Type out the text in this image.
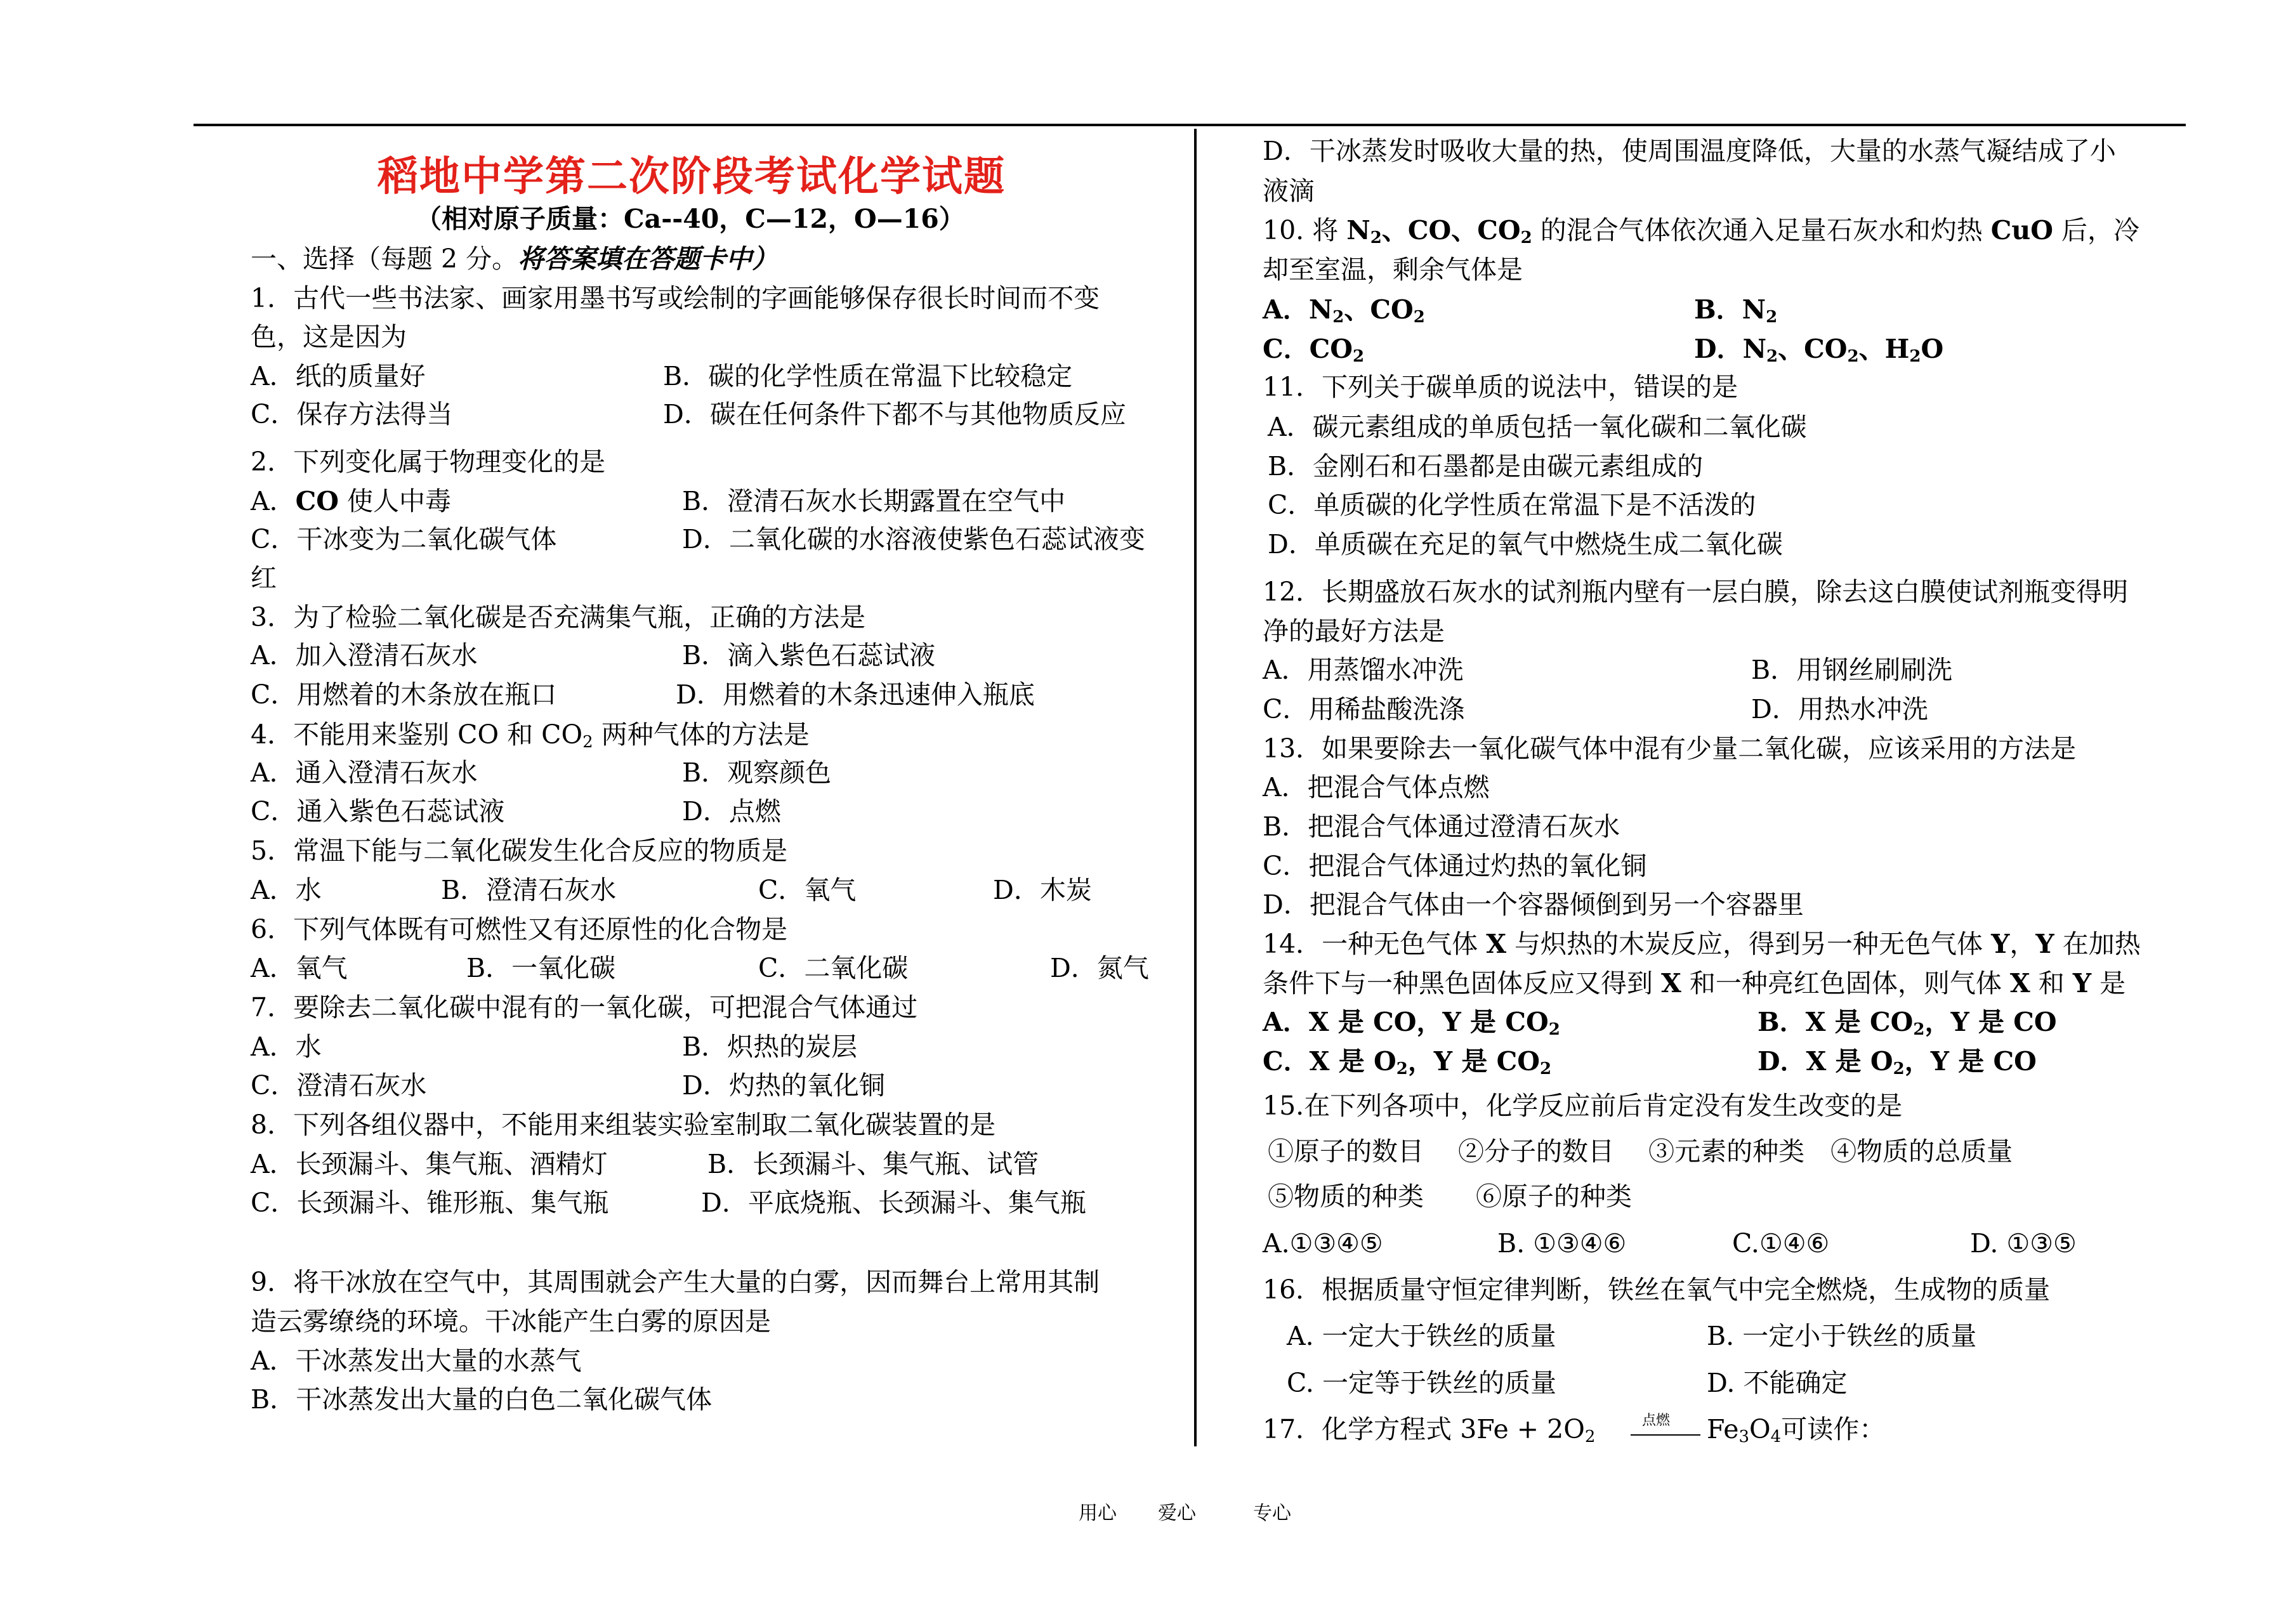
稻地中学第二次阶段考试化学试题
（相对原子质量：Ca--40，C—12，O—16）
一、选择（每题 2 分。将答案填在答题卡中）
1．古代一些书法家、画家用墨书写或绘制的字画能够保存很长时间而不变
色，这是因为
A．纸的质量好	B．碳的化学性质在常温下比较稳定
C．保存方法得当	D．碳在任何条件下都不与其他物质反应
2．下列变化属于物理变化的是
A．CO 使人中毒	B．澄清石灰水长期露置在空气中
C．干冰变为二氧化碳气体	D．二氧化碳的水溶液使紫色石蕊试液变
红
3．为了检验二氧化碳是否充满集气瓶，正确的方法是
A．加入澄清石灰水	B．滴入紫色石蕊试液
C．用燃着的木条放在瓶口	D．用燃着的木条迅速伸入瓶底
4．不能用来鉴别 CO 和 $CO_2$ 两种气体的方法是
A．通入澄清石灰水	B．观察颜色
C．通入紫色石蕊试液	D．点燃
5．常温下能与二氧化碳发生化合反应的物质是
A．水	B．澄清石灰水	C．氧气	D．木炭
6．下列气体既有可燃性又有还原性的化合物是
A．氧气	B．一氧化碳	C．二氧化碳	D．氮气
7．要除去二氧化碳中混有的一氧化碳，可把混合气体通过
A．水	B．炽热的炭层
C．澄清石灰水	D．灼热的氧化铜
8．下列各组仪器中，不能用来组装实验室制取二氧化碳装置的是
A．长颈漏斗、集气瓶、酒精灯	B．长颈漏斗、集气瓶、试管
C．长颈漏斗、锥形瓶、集气瓶	D．平底烧瓶、长颈漏斗、集气瓶
9．将干冰放在空气中，其周围就会产生大量的白雾，因而舞台上常用其制
造云雾缭绕的环境。干冰能产生白雾的原因是
A．干冰蒸发出大量的水蒸气
B．干冰蒸发出大量的白色二氧化碳气体
D．干冰蒸发时吸收大量的热，使周围温度降低，大量的水蒸气凝结成了小
液滴
10. 将 $N_2$、CO、$CO_2$ 的混合气体依次通入足量石灰水和灼热 CuO 后，冷
却至室温，剩余气体是
A．$N_2$、$CO_2$	B．$N_2$
C．$CO_2$	D．$N_2$、$CO_2$、$H_2O$
11．下列关于碳单质的说法中，错误的是
A．碳元素组成的单质包括一氧化碳和二氧化碳
B．金刚石和石墨都是由碳元素组成的
C．单质碳的化学性质在常温下是不活泼的
D．单质碳在充足的氧气中燃烧生成二氧化碳
12．长期盛放石灰水的试剂瓶内壁有一层白膜，除去这白膜使试剂瓶变得明
净的最好方法是
A．用蒸馏水冲洗	B．用钢丝刷刷洗
C．用稀盐酸洗涤	D．用热水冲洗
13．如果要除去一氧化碳气体中混有少量二氧化碳，应该采用的方法是
A．把混合气体点燃
B．把混合气体通过澄清石灰水
C．把混合气体通过灼热的氧化铜
D．把混合气体由一个容器倾倒到另一个容器里
14．一种无色气体 X 与炽热的木炭反应，得到另一种无色气体 Y，Y 在加热
条件下与一种黑色固体反应又得到 X 和一种亮红色固体，则气体 X 和 Y 是
A．X 是 CO，Y 是 $CO_2$	B．X 是 $CO_2$，Y 是 CO
C．X 是 $O_2$，Y 是 $CO_2$	D．X 是 $O_2$，Y 是 CO
15.在下列各项中，化学反应前后肯定没有发生改变的是
①原子的数目　 ②分子的数目　 ③元素的种类　④物质的总质量
⑤物质的种类　　⑥原子的种类
A.①③④⑤	B. ①③④⑥	C.①④⑥	D. ①③⑤
16．根据质量守恒定律判断，铁丝在氧气中完全燃烧，生成物的质量
A. 一定大于铁丝的质量	B. 一定小于铁丝的质量
C. 一定等于铁丝的质量	D. 不能确定
17．化学方程式 $3Fe + 2O_2$
点燃 $Fe_3O_4$可读作：
用心 爱心	专心
